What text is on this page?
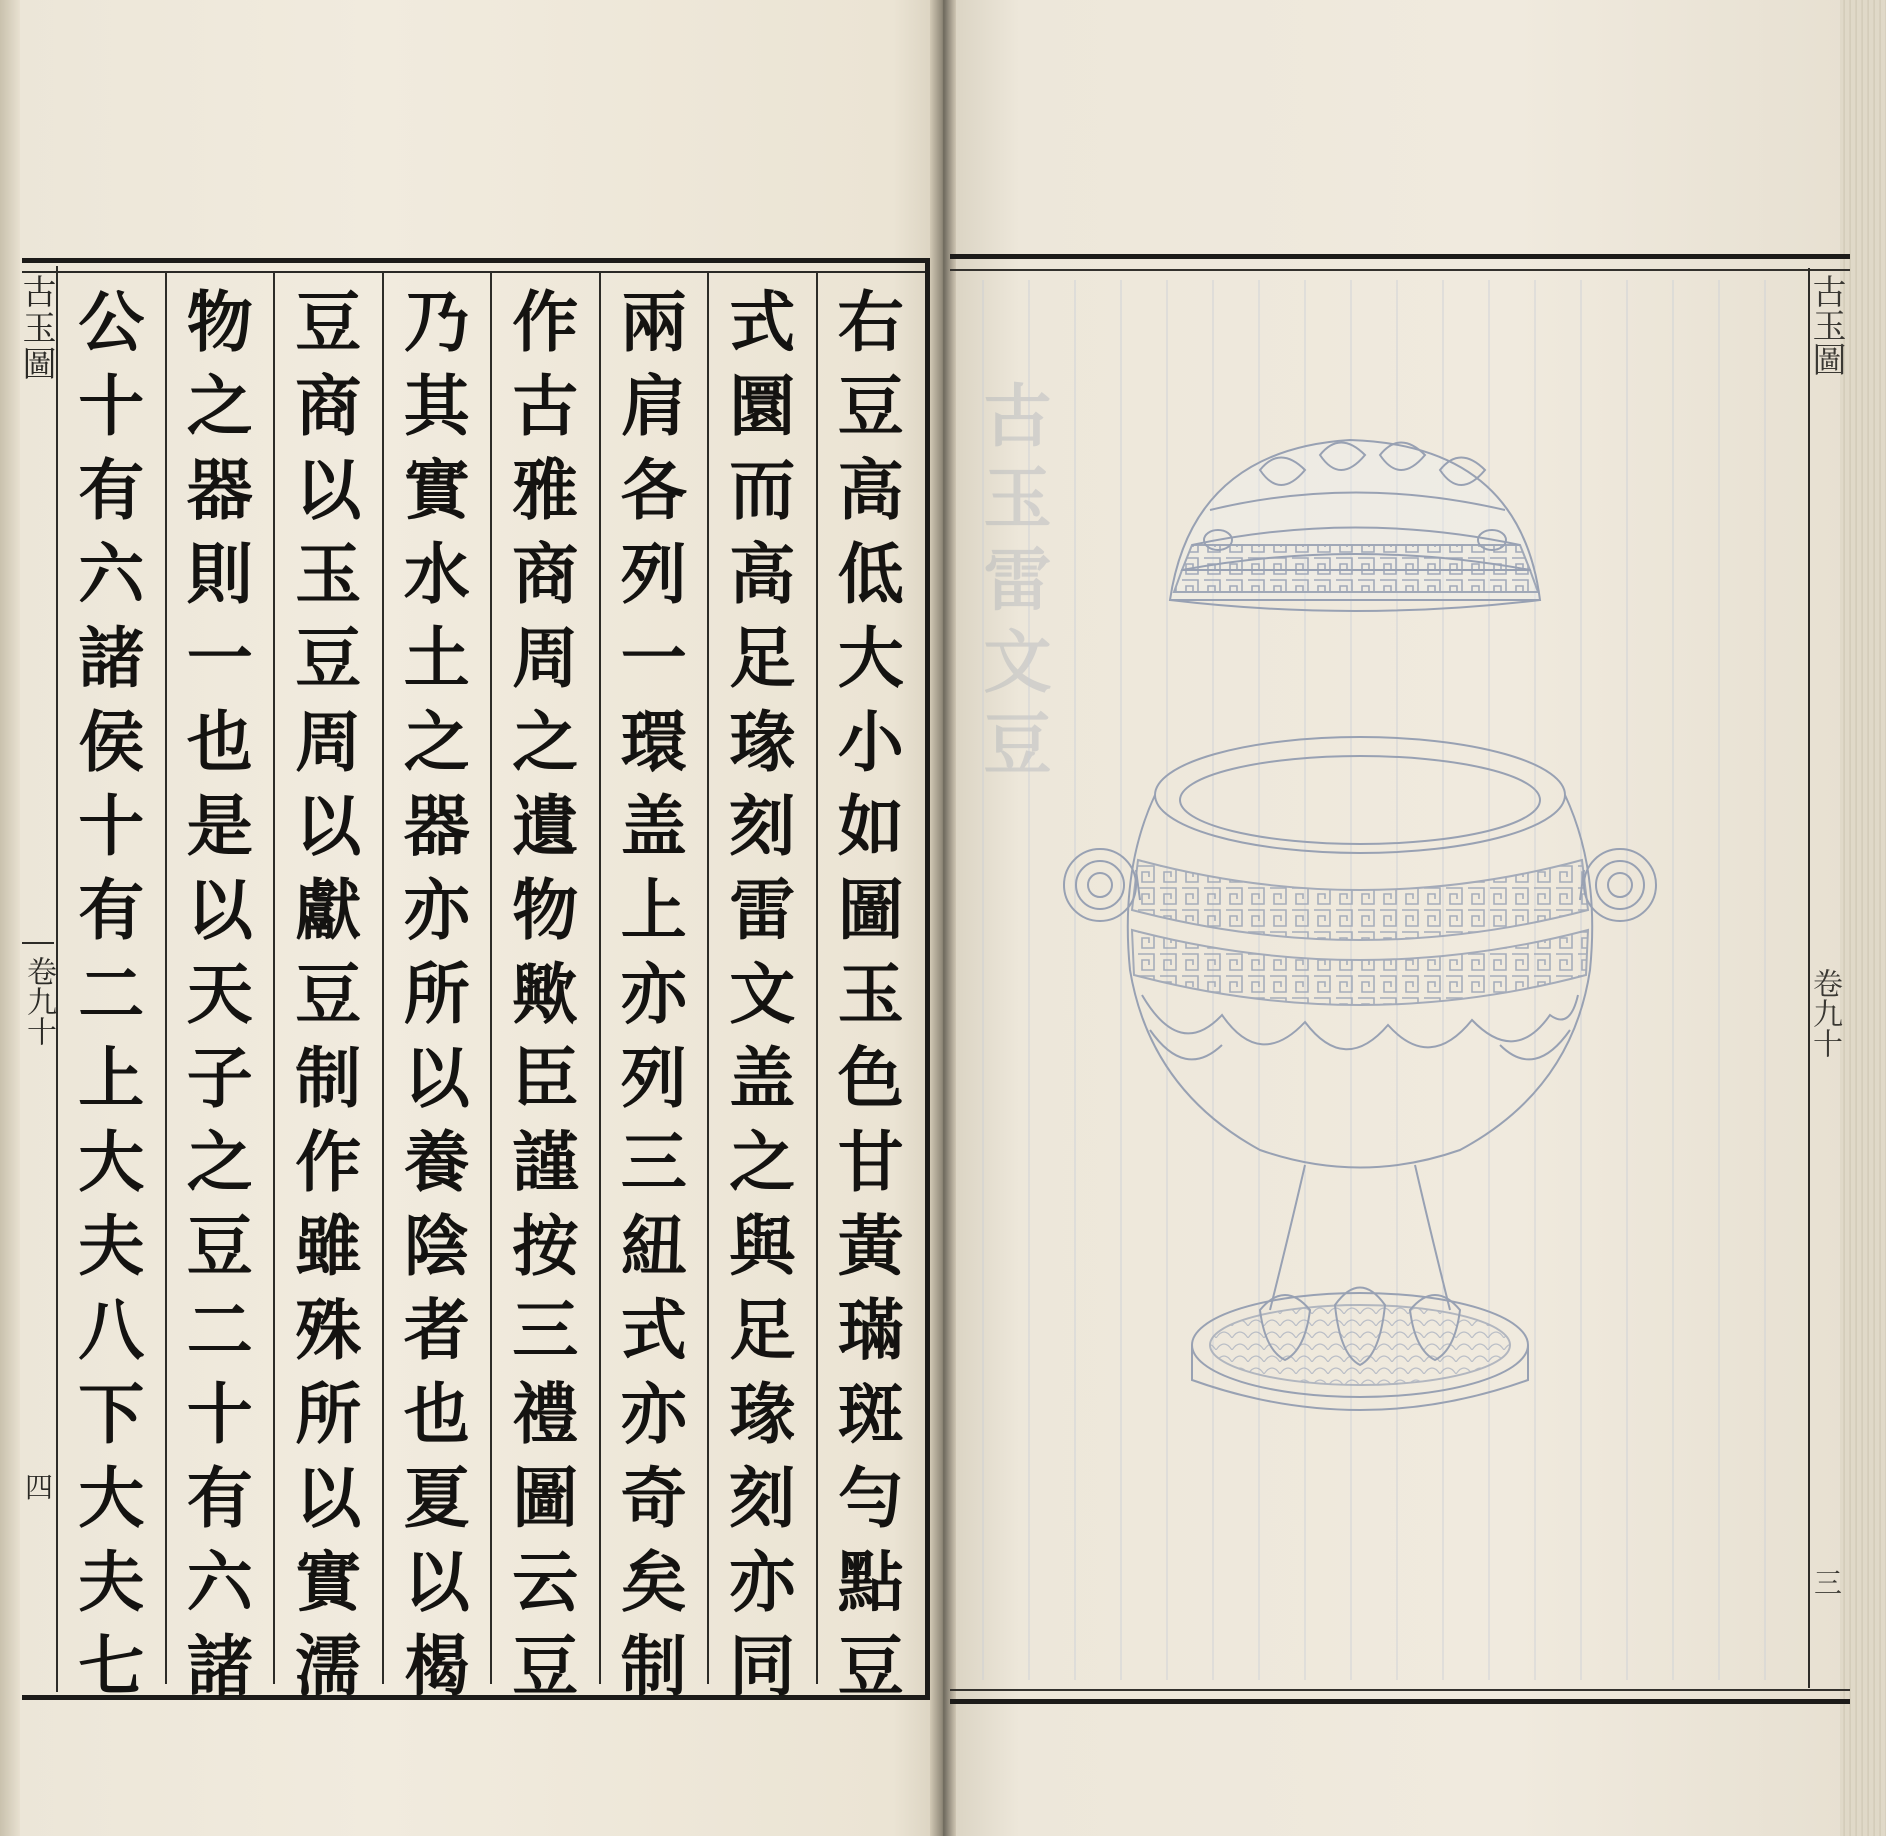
古玉圖
卷九十
四
右
豆
高
低
大
小
如
圖
玉
色
甘
黃
璊
斑
勻
點
豆
式
圜
而
高
足
瑑
刻
雷
文
盖
之
與
足
瑑
刻
亦
同
兩
肩
各
列
一
環
盖
上
亦
列
三
紐
式
亦
奇
矣
制
作
古
雅
商
周
之
遺
物
歟
臣
謹
按
三
禮
圖
云
豆
乃
其
實
水
土
之
器
亦
所
以
養
陰
者
也
夏
以
楬
豆
商
以
玉
豆
周
以
獻
豆
制
作
雖
殊
所
以
實
濡
物
之
器
則
一
也
是
以
天
子
之
豆
二
十
有
六
諸
公
十
有
六
諸
侯
十
有
二
上
大
夫
八
下
大
夫
七
古玉圖
卷九十
三
